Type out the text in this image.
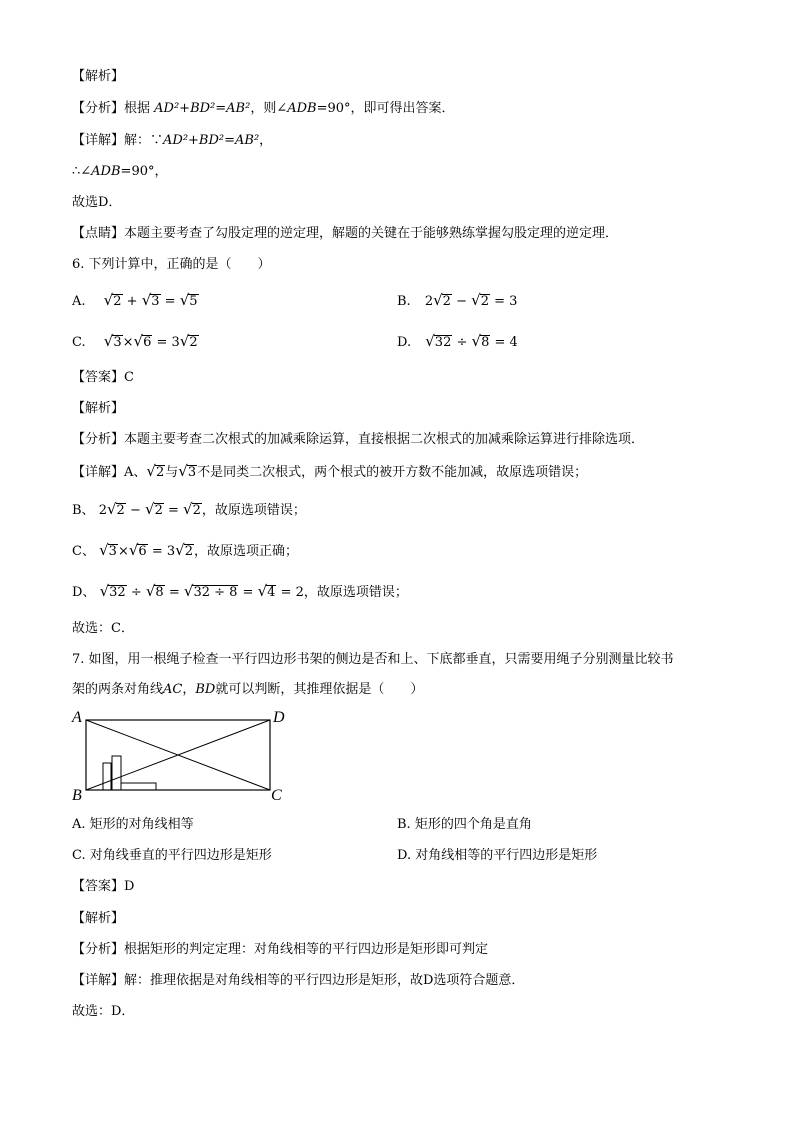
【解析】
【分析】根据 AD²+BD²=AB²，则∠ADB=90°，即可得出答案．
【详解】解：∵AD²+BD²=AB²，
∴∠ADB=90°，
故选D．
【点睛】本题主要考查了勾股定理的逆定理，解题的关键在于能够熟练掌握勾股定理的逆定理．
6. 下列计算中，正确的是（　　）
A. √2 + √3 = √5	B. 2√2 − √2 = 3
C. √3×√6 = 3√2	D. √32 ÷ √8 = 4
【答案】C
【解析】
【分析】本题主要考查二次根式的加减乘除运算，直接根据二次根式的加减乘除运算进行排除选项．
【详解】A、√2与√3不是同类二次根式，两个根式的被开方数不能加减，故原选项错误；
B、 2√2 − √2 = √2，故原选项错误；
C、 √3×√6 = 3√2，故原选项正确；
D、 √32 ÷ √8 = √32 ÷ 8 = √4 = 2，故原选项错误；
故选：C．
7. 如图，用一根绳子检查一平行四边形书架的侧边是否和上、下底都垂直，只需要用绳子分别测量比较书
架的两条对角线AC，BD就可以判断，其推理依据是（　　）
A	D
B	C
A. 矩形的对角线相等	B. 矩形的四个角是直角
C. 对角线垂直的平行四边形是矩形	D. 对角线相等的平行四边形是矩形
【答案】D
【解析】
【分析】根据矩形的判定定理：对角线相等的平行四边形是矩形即可判定
【详解】解：推理依据是对角线相等的平行四边形是矩形，故D选项符合题意．
故选：D．
